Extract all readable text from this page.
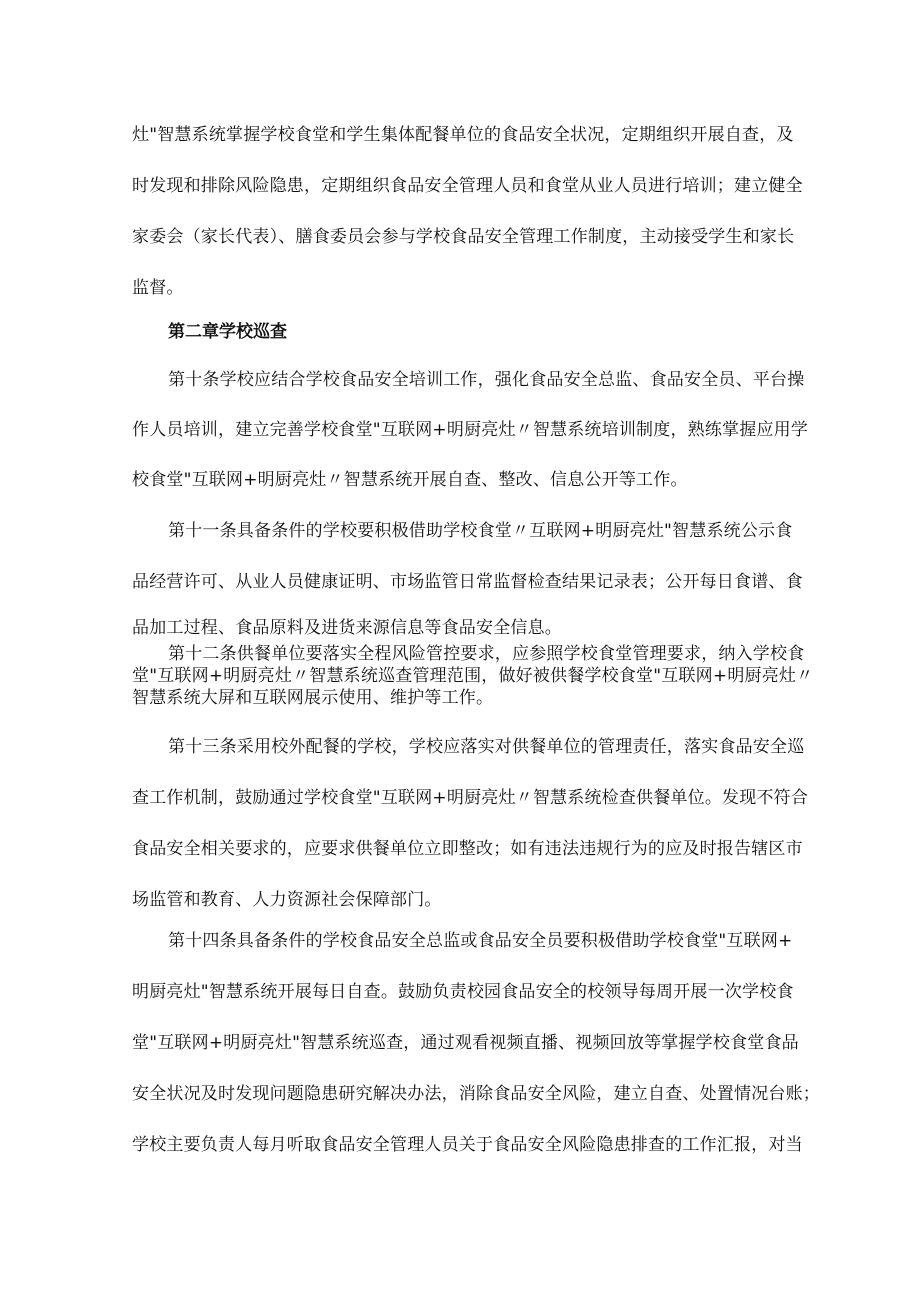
灶"智慧系统掌握学校食堂和学生集体配餐单位的食品安全状况，定期组织开展自查，及
时发现和排除风险隐患，定期组织食品安全管理人员和食堂从业人员进行培训；建立健全
家委会（家长代表）、膳食委员会参与学校食品安全管理工作制度，主动接受学生和家长
监督。
第二章学校巡查
第十条学校应结合学校食品安全培训工作，强化食品安全总监、食品安全员、平台操
作人员培训，建立完善学校食堂"互联网+明厨亮灶〃智慧系统培训制度，熟练掌握应用学
校食堂"互联网+明厨亮灶〃智慧系统开展自查、整改、信息公开等工作。
第十一条具备条件的学校要积极借助学校食堂〃互联网+明厨亮灶"智慧系统公示食
品经营许可、从业人员健康证明、市场监管日常监督检查结果记录表；公开每日食谱、食
品加工过程、食品原料及进货来源信息等食品安全信息。
第十二条供餐单位要落实全程风险管控要求，应参照学校食堂管理要求，纳入学校食
堂"互联网+明厨亮灶〃智慧系统巡查管理范围，做好被供餐学校食堂"互联网+明厨亮灶〃
智慧系统大屏和互联网展示使用、维护等工作。
第十三条采用校外配餐的学校，学校应落实对供餐单位的管理责任，落实食品安全巡
查工作机制，鼓励通过学校食堂"互联网+明厨亮灶〃智慧系统检查供餐单位。发现不符合
食品安全相关要求的，应要求供餐单位立即整改；如有违法违规行为的应及时报告辖区市
场监管和教育、人力资源社会保障部门。
第十四条具备条件的学校食品安全总监或食品安全员要积极借助学校食堂"互联网+
明厨亮灶"智慧系统开展每日自查。鼓励负责校园食品安全的校领导每周开展一次学校食
堂"互联网+明厨亮灶"智慧系统巡查，通过观看视频直播、视频回放等掌握学校食堂食品
安全状况及时发现问题隐患研究解决办法，消除食品安全风险，建立自查、处置情况台账；
学校主要负责人每月听取食品安全管理人员关于食品安全风险隐患排查的工作汇报，对当
